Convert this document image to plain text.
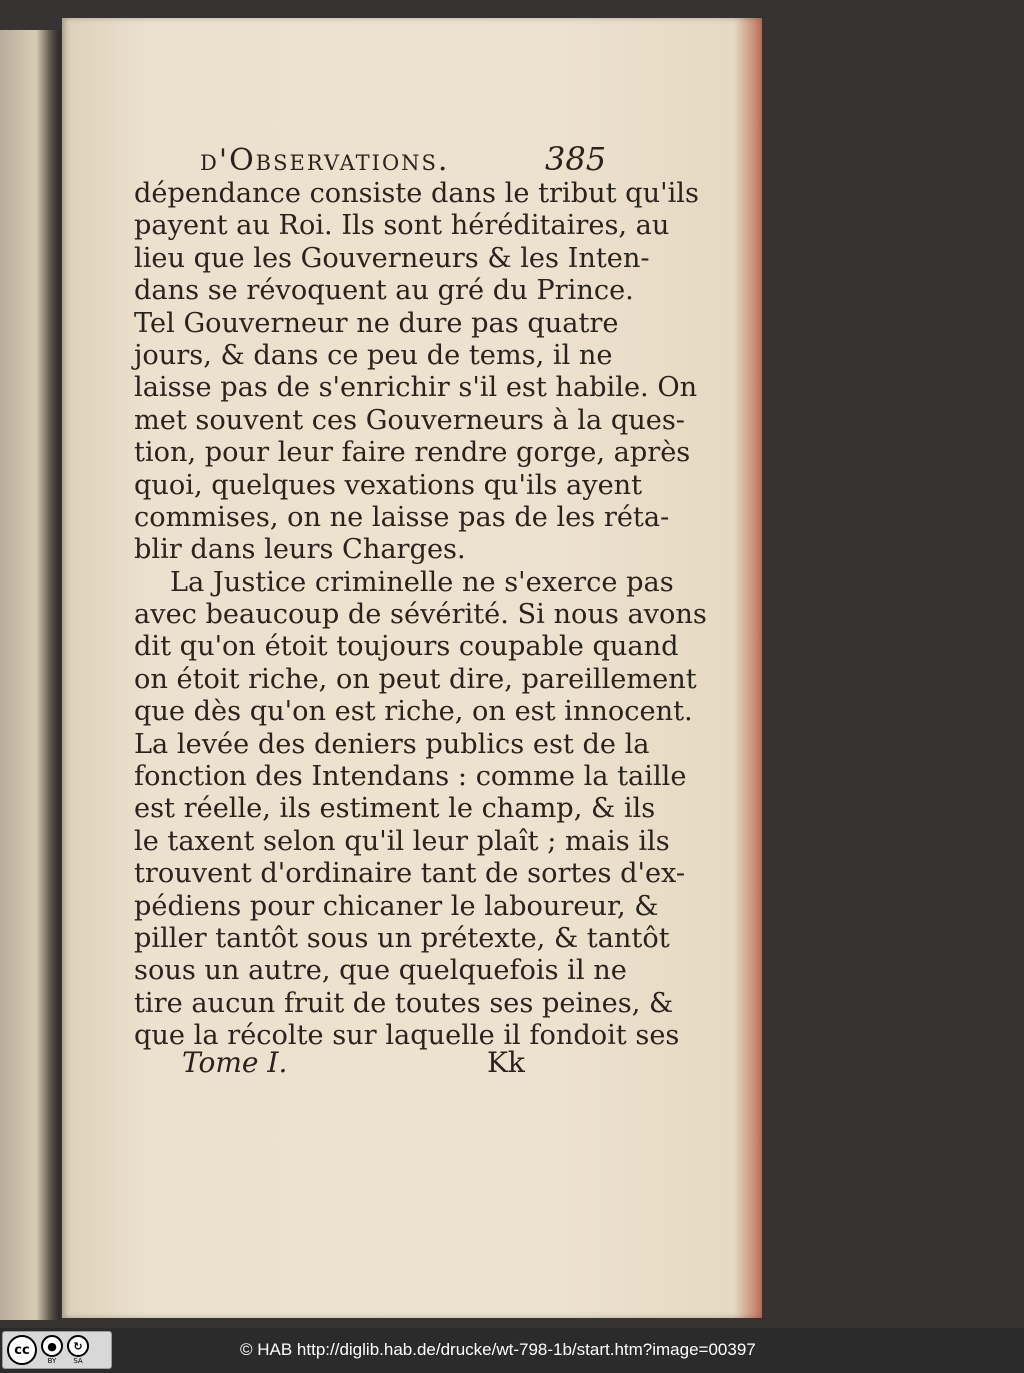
d'Observations.	385
dépendance consiste dans le tribut qu'ils
payent au Roi. Ils sont héréditaires, au
lieu que les Gouverneurs & les Inten-
dans se révoquent au gré du Prince.
Tel Gouverneur ne dure pas quatre
jours, & dans ce peu de tems, il ne
laisse pas de s'enrichir s'il est habile. On
met souvent ces Gouverneurs à la ques-
tion, pour leur faire rendre gorge, après
quoi, quelques vexations qu'ils ayent
commises, on ne laisse pas de les réta-
blir dans leurs Charges.
La Justice criminelle ne s'exerce pas
avec beaucoup de sévérité. Si nous avons
dit qu'on étoit toujours coupable quand
on étoit riche, on peut dire, pareillement
que dès qu'on est riche, on est innocent.
La levée des deniers publics est de la
fonction des Intendans : comme la taille
est réelle, ils estiment le champ, & ils
le taxent selon qu'il leur plaît ; mais ils
trouvent d'ordinaire tant de sortes d'ex-
pédiens pour chicaner le laboureur, &
piller tantôt sous un prétexte, & tantôt
sous un autre, que quelquefois il ne
tire aucun fruit de toutes ses peines, &
que la récolte sur laquelle il fondoit ses
Tome I.	Kk
cc	●
BY
↻
SA
© HAB http://diglib.hab.de/drucke/wt-798-1b/start.htm?image=00397
